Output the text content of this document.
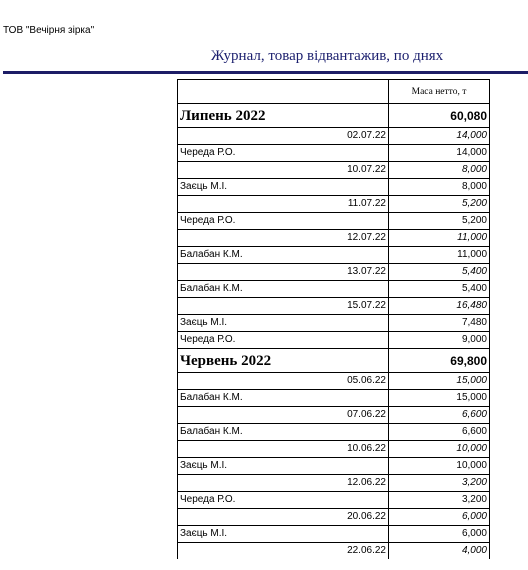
ТОВ "Вечірня зірка"
Журнал, товар відвантажив, по днях
	Маса нетто, т
Липень 2022	60,080
02.07.22	14,000
Череда Р.О.	14,000
10.07.22	8,000
Заєць М.І.	8,000
11.07.22	5,200
Череда Р.О.	5,200
12.07.22	11,000
Балабан К.М.	11,000
13.07.22	5,400
Балабан К.М.	5,400
15.07.22	16,480
Заєць М.І.	7,480
Череда Р.О.	9,000
Червень 2022	69,800
05.06.22	15,000
Балабан К.М.	15,000
07.06.22	6,600
Балабан К.М.	6,600
10.06.22	10,000
Заєць М.І.	10,000
12.06.22	3,200
Череда Р.О.	3,200
20.06.22	6,000
Заєць М.І.	6,000
22.06.22	4,000
